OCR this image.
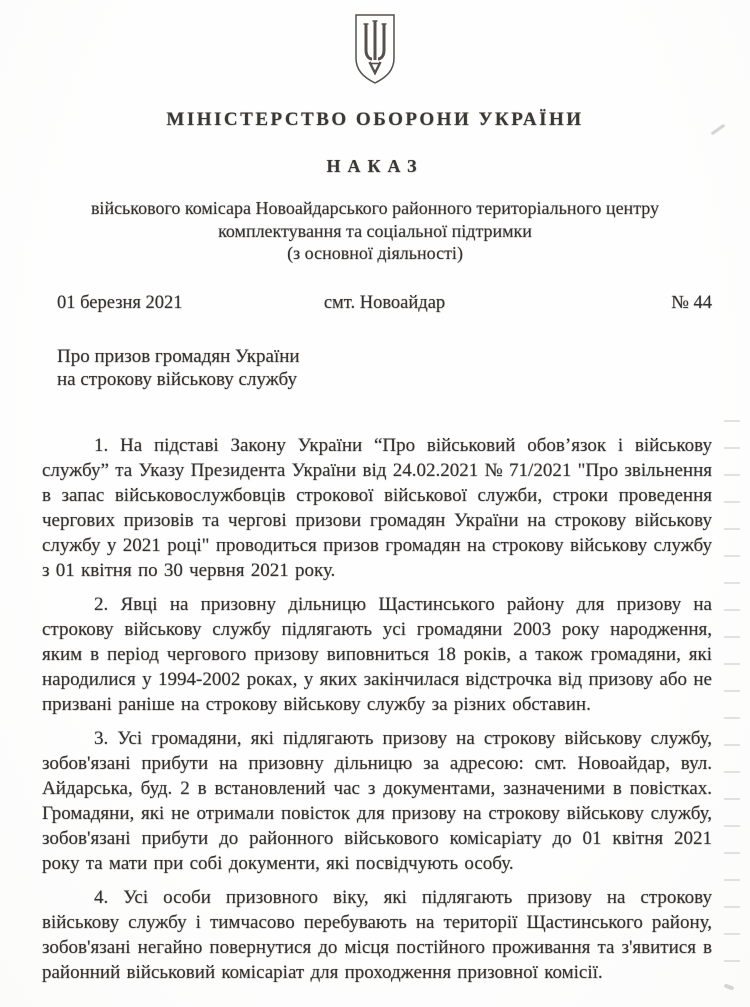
МІНІСТЕРСТВО ОБОРОНИ УКРАЇНИ
НАКАЗ
військового комісара Новоайдарського районного територіального центру
комплектування та соціальної підтримки
(з основної діяльності)
01 березня 2021	смт. Новоайдар	№ 44
Про призов громадян України
на строкову військову службу

1. На підставі Закону України “Про військовий обов’язок і військову службу” та Указу Президента України від 24.02.2021 № 71/2021 "Про звільнення в запас військовослужбовців строкової військової служби, строки проведення чергових призовів та чергові призови громадян України на строкову військову службу у 2021 році" проводиться призов громадян на строкову військову службу з 01 квітня по 30 червня 2021 року.

2. Явці на призовну дільницю Щастинського району для призову на строкову військову службу підлягають усі громадяни 2003 року народження, яким в період чергового призову виповниться 18 років, а також громадяни, які народилися у 1994-2002 роках, у яких закінчилася відстрочка від призову або не призвані раніше на строкову військову службу за різних обставин.

3. Усі громадяни, які підлягають призову на строкову військову службу, зобов'язані прибути на призовну дільницю за адресою: смт. Новоайдар, вул. Айдарська, буд. 2 в встановлений час з документами, зазначеними в повістках. Громадяни, які не отримали повісток для призову на строкову військову службу, зобов'язані прибути до районного військового комісаріату до 01 квітня 2021 року та мати при собі документи, які посвідчують особу.

4. Усі особи призовного віку, які підлягають призову на строкову військову службу і тимчасово перебувають на території Щастинського району, зобов'язані негайно повернутися до місця постійного проживання та з'явитися в районний військовий комісаріат для проходження призовної комісії.
